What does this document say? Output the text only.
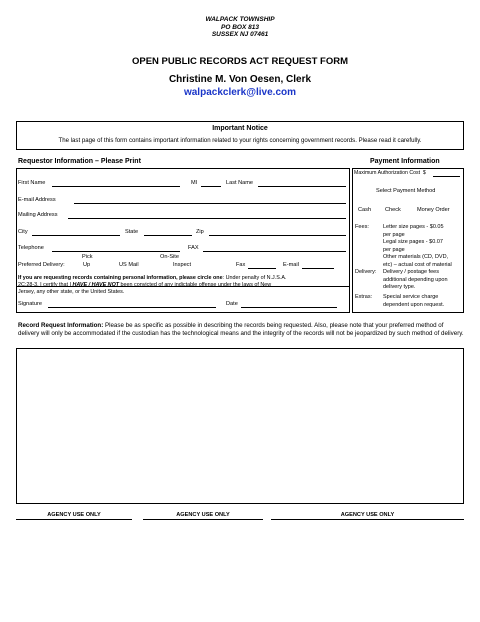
WALPACK TOWNSHIP
PO BOX 813
SUSSEX NJ 07461
OPEN PUBLIC RECORDS ACT REQUEST FORM
Christine M. Von Oesen, Clerk
walpackclerk@live.com
Important Notice
The last page of this form contains important information related to your rights concerning government records. Please read it carefully.
Requestor Information – Please Print	Payment Information
First Name	MI	Last Name
E-mail Address
Mailing Address
City	State	Zip
Telephone	FAX
Pick	On-Site
Preferred Delivery:	Up	US Mail	Inspect	Fax	E-mail
If you are requesting records containing personal information, please circle one: Under penalty of N.J.S.A.
2C:28-3, I certify that I HAVE / HAVE NOT been convicted of any indictable offense under the laws of New
Jersey, any other state, or the United States.
Signature	Date
Maximum Authorization Cost $
Select Payment Method
Cash Check	Money Order
Fees:	Letter size pages - $0.05
per page
Legal size pages - $0.07
per page
Other materials (CD, DVD,
etc) – actual cost of material
Delivery: Delivery / postage fees
additional depending upon
delivery type.
Extras: Special service charge
dependent upon request.
Record Request Information: Please be as specific as possible in describing the records being requested. Also, please note that your preferred method of delivery will only be accommodated if the custodian has the technological means and the integrity of the records will not be jeopardized by such method of delivery.
AGENCY USE ONLY	AGENCY USE ONLY	AGENCY USE ONLY
